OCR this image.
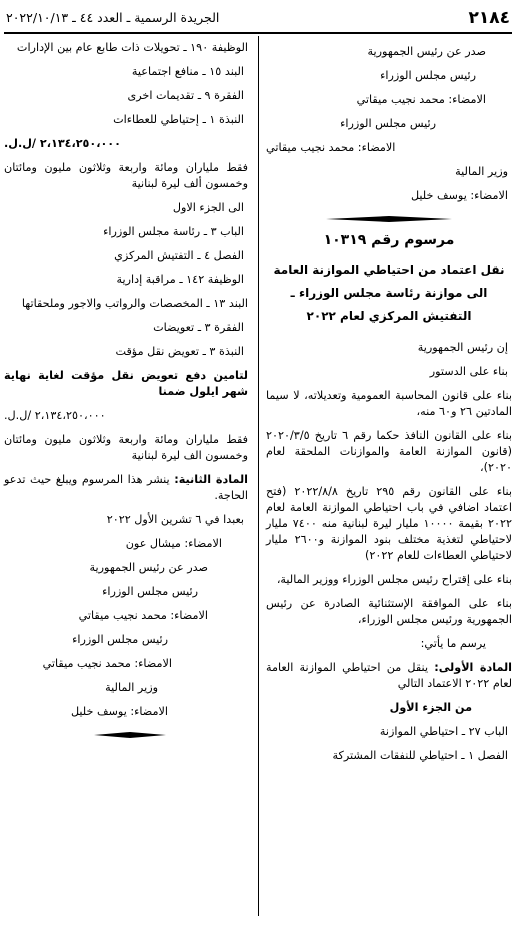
٢١٨٤
الجريدة الرسمية ـ العدد ٤٤ ـ ٢٠٢٢/١٠/١٣

صدر عن رئيس الجمهورية

رئيس مجلس الوزراء

الامضاء: محمد نجيب ميقاتي

رئيس مجلس الوزراء

الامضاء: محمد نجيب ميقاتي

وزير المالية

الامضاء: يوسف خليل

مرسوم رقم ١٠٣١٩

نقل اعتماد من احتياطي الموازنة العامة
الى موازنة رئاسة مجلس الوزراء ـ
التفتيش المركزي لعام ٢٠٢٢

إن رئيس الجمهورية

بناء على الدستور

بناء على قانون المحاسبة العمومية وتعديلاته، لا سيما المادتين ٢٦ و٦٠ منه،

بناء على القانون النافذ حكما رقم ٦ تاريخ ٢٠٢٠/٣/٥ (قانون الموازنة العامة والموازنات الملحقة لعام ٢٠٢٠)،

بناء على القانون رقم ٢٩٥ تاريخ ٢٠٢٢/٨/٨ (فتح اعتماد اضافي في باب احتياطي الموازنة العامة لعام ٢٠٢٢ بقيمة ١٠٠٠٠ مليار ليرة لبنانية منه ٧٤٠٠ مليار لاحتياطي لتغذية مختلف بنود الموازنة و٢٦٠٠ مليار لاحتياطي العطاءات للعام ٢٠٢٢)

بناء على إقتراح رئيس مجلس الوزراء ووزير المالية،

بناء على الموافقة الإستثنائية الصادرة عن رئيس الجمهورية ورئيس مجلس الوزراء،

يرسم ما يأتي:

المادة الأولى: ينقل من احتياطي الموازنة العامة لعام ٢٠٢٢ الاعتماد التالي

من الجزء الأول

الباب ٢٧ ـ احتياطي الموازنة

الفصل ١ ـ احتياطي للنفقات المشتركة

الوظيفة ١٩٠ ـ تحويلات ذات طابع عام بين الإدارات

البند ١٥ ـ منافع اجتماعية

الفقرة ٩ ـ تقديمات اخرى

النبذة ١ ـ إحتياطي للعطاءات

٢،١٣٤،٢٥٠،٠٠٠ /ل.ل.

فقط ملياران ومائة واربعة وثلاثون مليون ومائتان وخمسون ألف ليرة لبنانية

الى الجزء الاول

الباب ٣ ـ رئاسة مجلس الوزراء

الفصل ٤ ـ التفتيش المركزي

الوظيفة ١٤٢ ـ مراقبة إدارية

البند ١٣ ـ المخصصات والرواتب والاجور وملحقاتها

الفقرة ٣ ـ تعويضات

النبذة ٣ ـ تعويض نقل مؤقت

لتامين دفع تعويض نقل مؤقت لغاية نهاية شهر ايلول ضمنا

٢،١٣٤،٢٥٠،٠٠٠ /ل.ل.

فقط ملياران ومائة واربعة وثلاثون مليون ومائتان وخمسون الف ليرة لبنانية

المادة الثانية: ينشر هذا المرسوم ويبلغ حيث تدعو الحاجة.

بعبدا في ٦ تشرين الأول ٢٠٢٢

الامضاء: ميشال عون

صدر عن رئيس الجمهورية

رئيس مجلس الوزراء

الامضاء: محمد نجيب ميقاتي

رئيس مجلس الوزراء

الامضاء: محمد نجيب ميقاتي

وزير المالية

الامضاء: يوسف خليل
